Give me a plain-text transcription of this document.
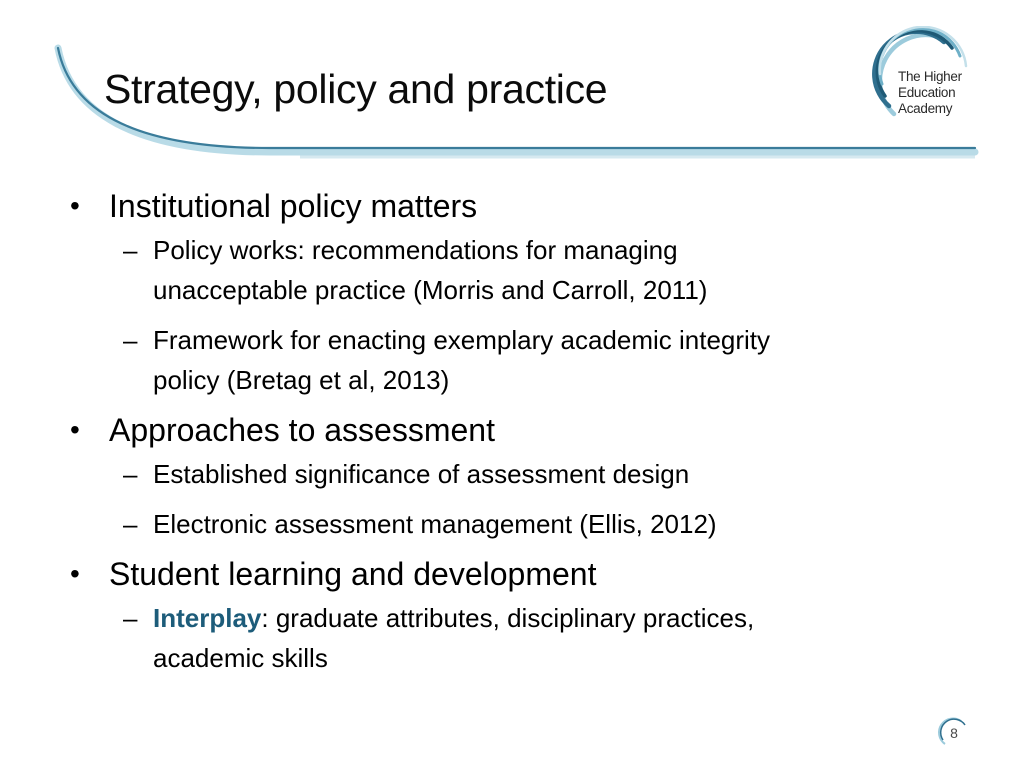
Strategy, policy and practice	The Higher
Education
Academy
• Institutional policy matters
– Policy works: recommendations for managing
unacceptable practice (Morris and Carroll, 2011)
– Framework for enacting exemplary academic integrity
policy (Bretag et al, 2013)
• Approaches to assessment
– Established significance of assessment design
– Electronic assessment management (Ellis, 2012)
• Student learning and development
– Interplay: graduate attributes, disciplinary practices,
academic skills
8
